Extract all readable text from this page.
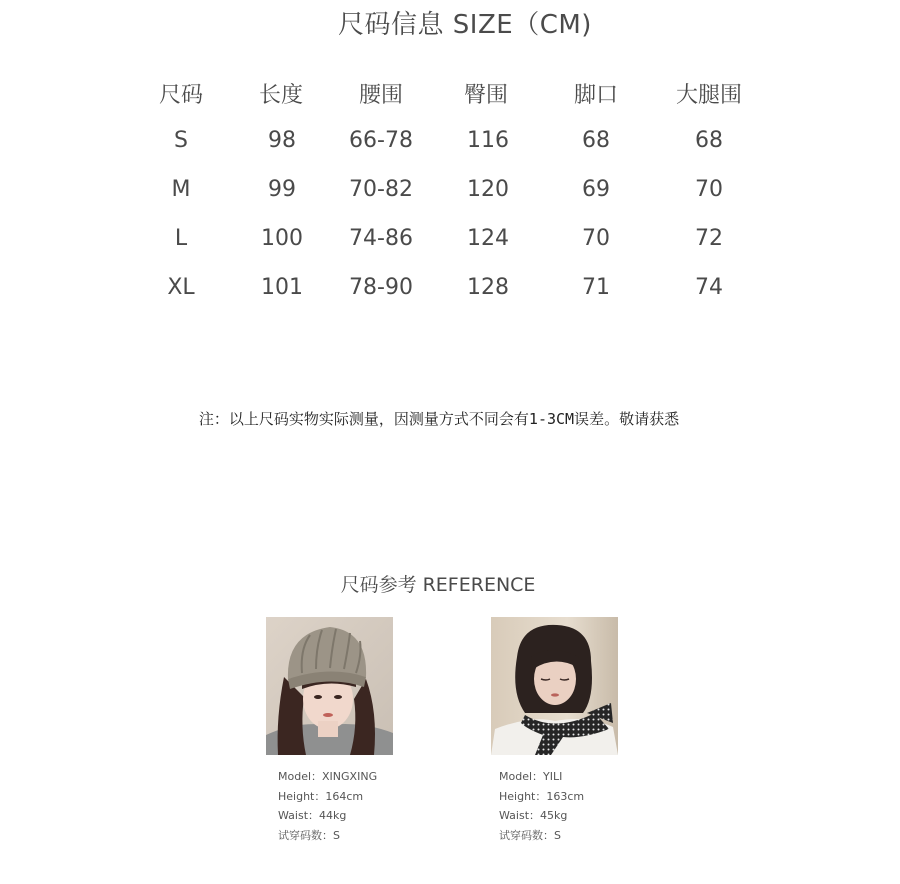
尺码信息 SIZE（CM)
尺码	长度	腰围	臀围	脚口	大腿围
S	98	66-78	116	68	68
M	99	70-82	120	69	70
L	100	74-86	124	70	72
XL	101	78-90	128	71	74
注：以上尺码实物实际测量，因测量方式不同会有1-3CM误差。敬请获悉
尺码参考 REFERENCE
Model：XINGXING
Height：164cm
Waist：44kg
试穿码数：S
Model：YILI
Height：163cm
Waist：45kg
试穿码数：S
